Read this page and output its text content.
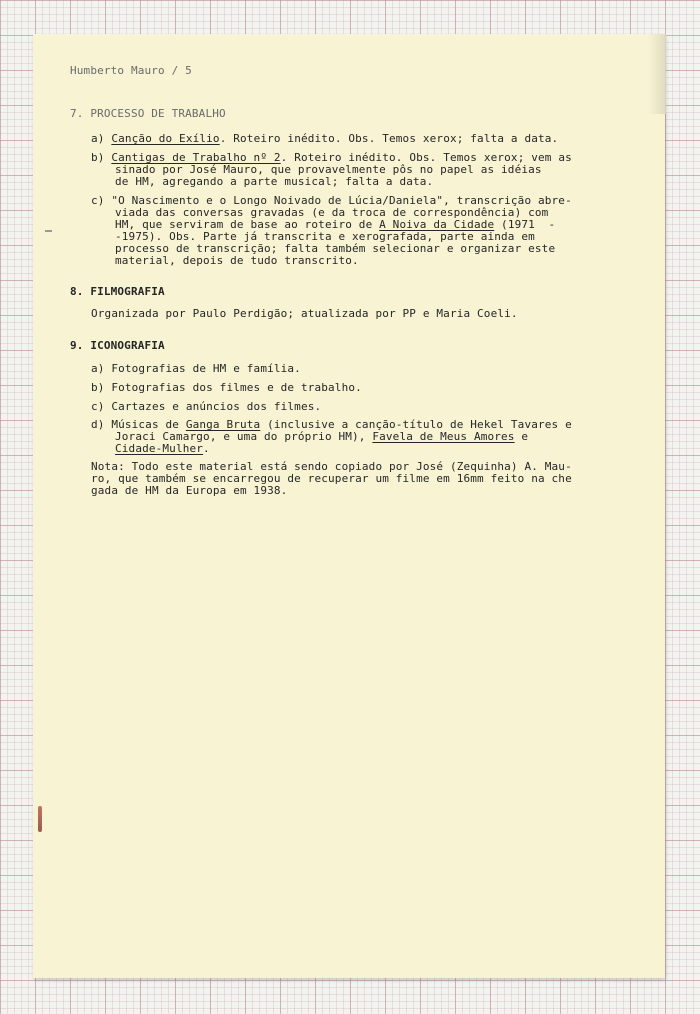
Humberto Mauro / 5
7. PROCESSO DE TRABALHO
a) Canção do Exílio. Roteiro inédito. Obs. Temos xerox; falta a data.
b) Cantigas de Trabalho nº 2. Roteiro inédito. Obs. Temos xerox; vem as
sinado por José Mauro, que provavelmente pôs no papel as idéias
de HM, agregando a parte musical; falta a data.
c) "O Nascimento e o Longo Noivado de Lúcia/Daniela", transcrição abre-
viada das conversas gravadas (e da troca de correspondência) com
HM, que serviram de base ao roteiro de A Noiva da Cidade (1971  -
-1975). Obs. Parte já transcrita e xerografada, parte ainda em
processo de transcrição; falta também selecionar e organizar este
material, depois de tudo transcrito.
8. FILMOGRAFIA
Organizada por Paulo Perdigão; atualizada por PP e Maria Coeli.
9. ICONOGRAFIA
a) Fotografias de HM e família.
b) Fotografias dos filmes e de trabalho.
c) Cartazes e anúncios dos filmes.
d) Músicas de Ganga Bruta (inclusive a canção-título de Hekel Tavares e
Joraci Camargo, e uma do próprio HM), Favela de Meus Amores e
Cidade-Mulher.
Nota: Todo este material está sendo copiado por José (Zequinha) A. Mau-
ro, que também se encarregou de recuperar um filme em 16mm feito na che
gada de HM da Europa em 1938.
